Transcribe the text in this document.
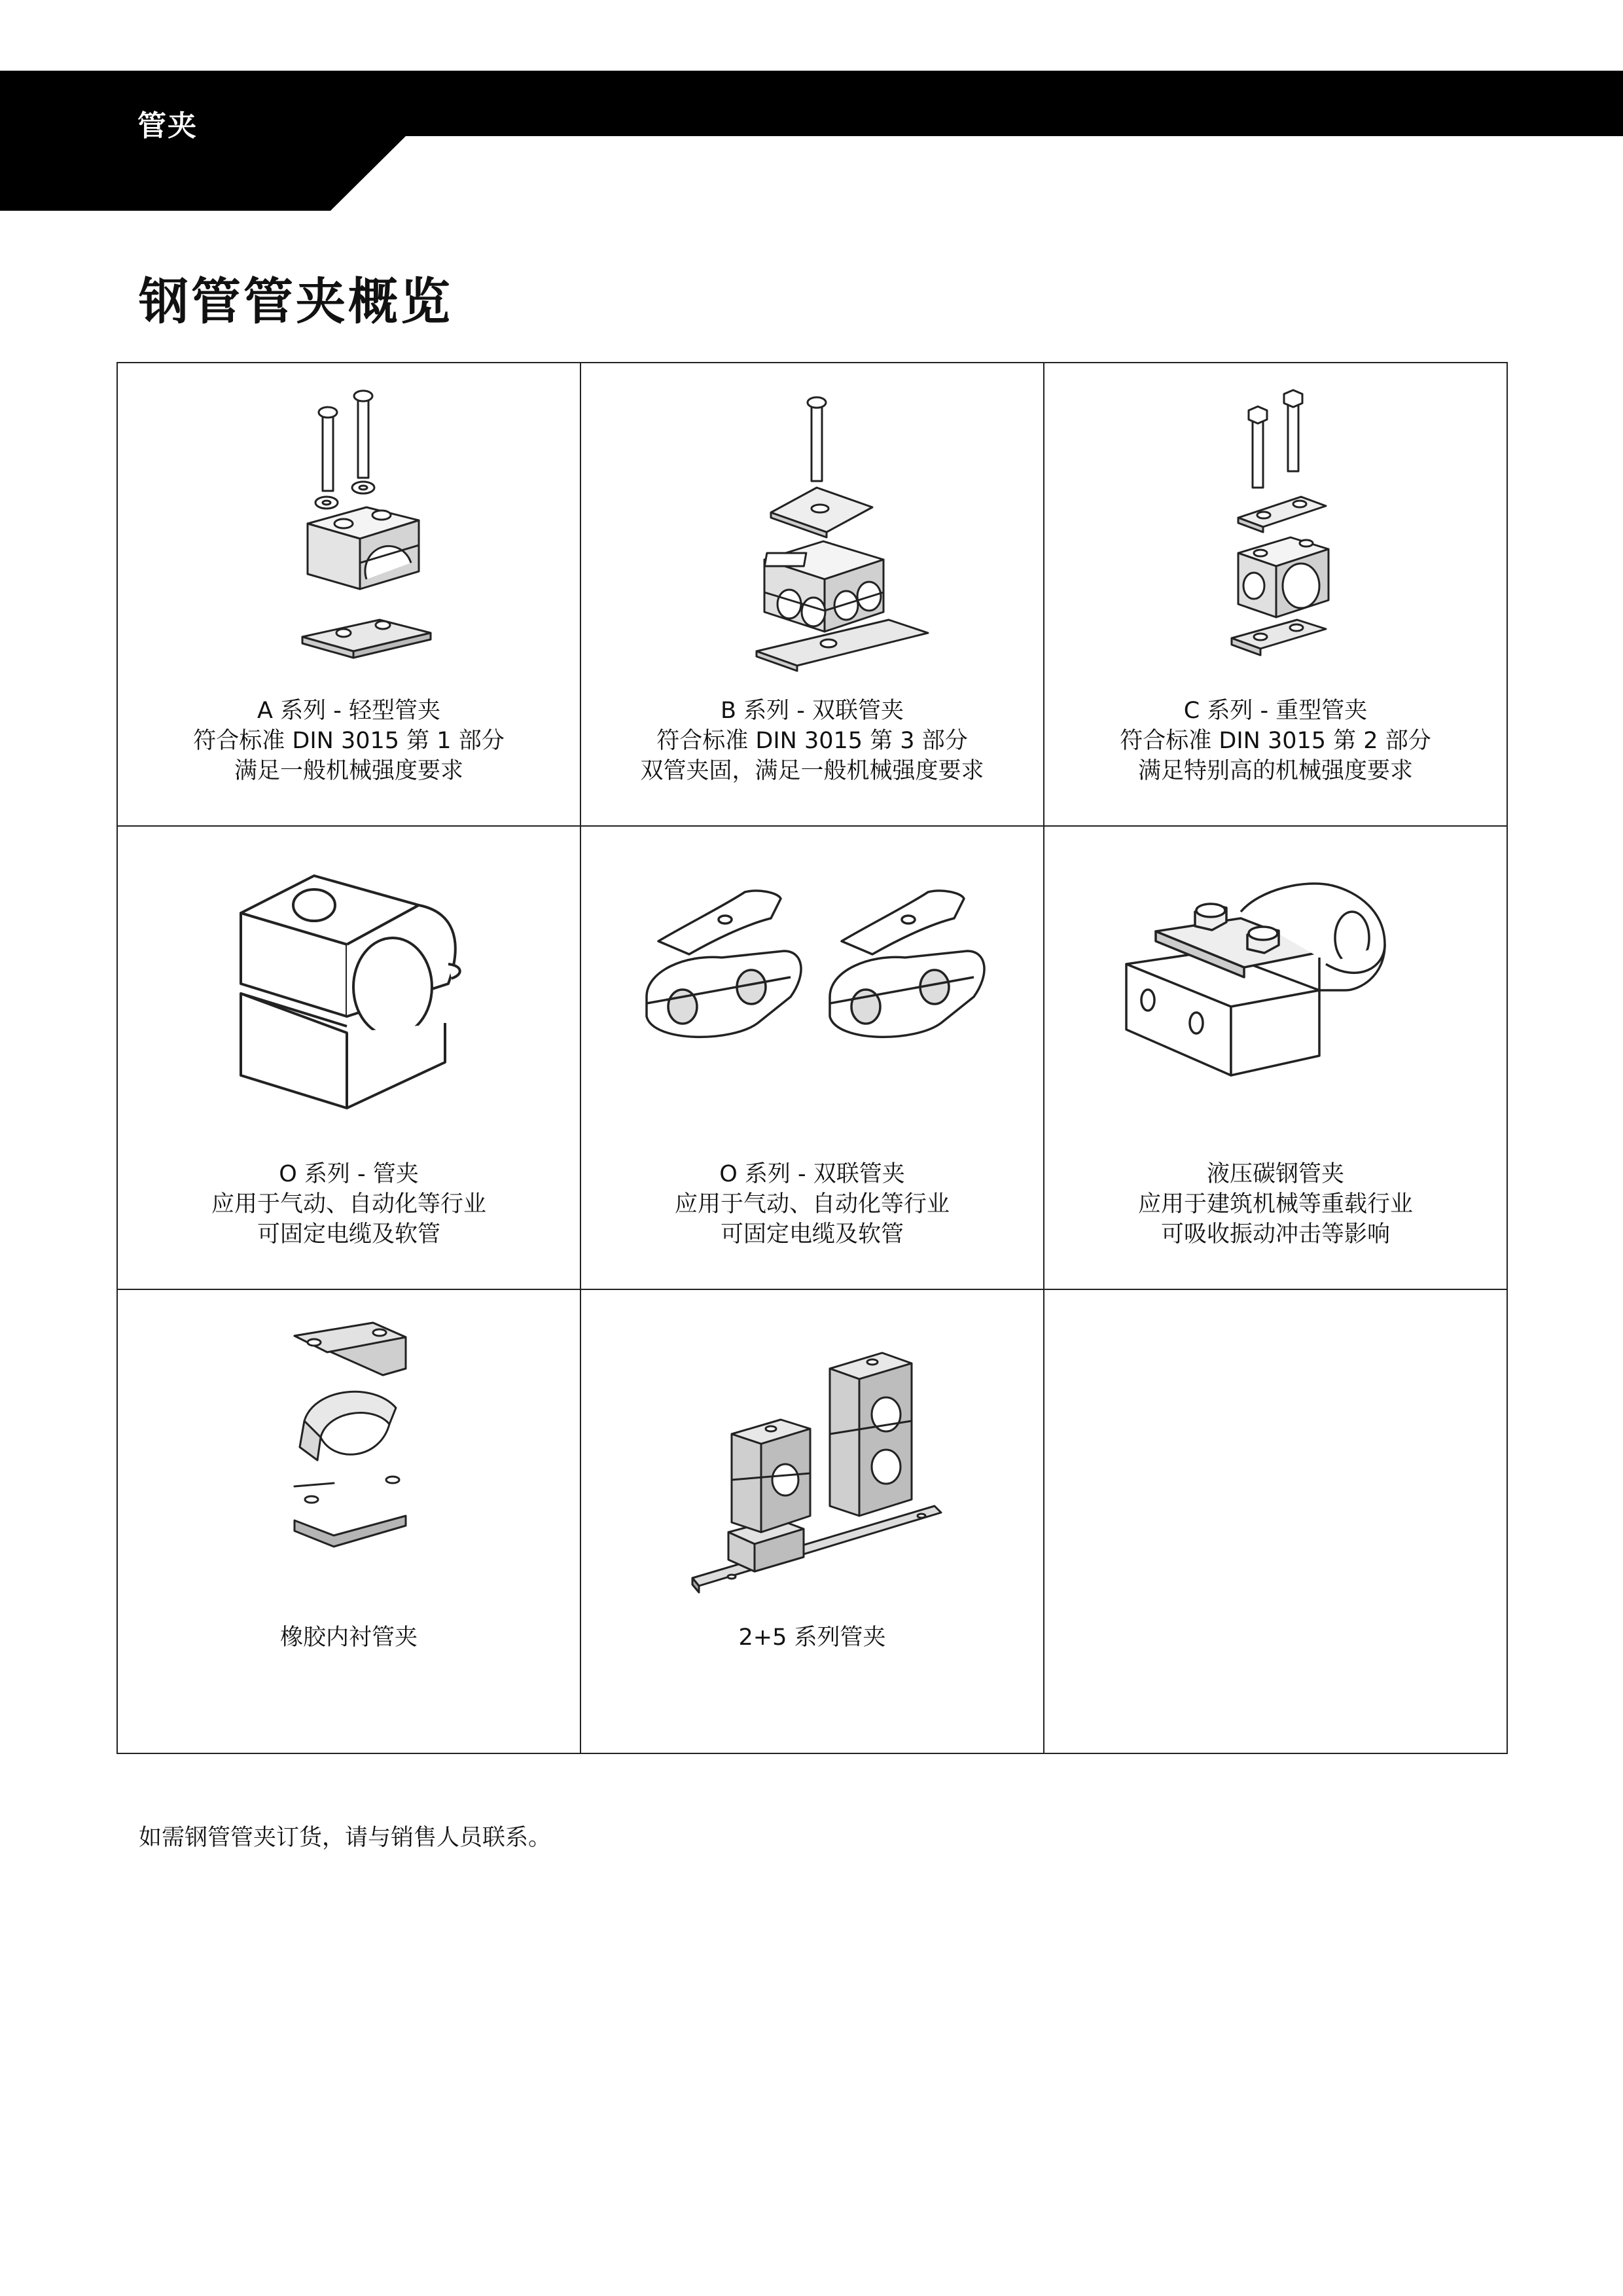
管夹
钢管管夹概览
A 系列 - 轻型管夹
符合标准 DIN 3015 第 1 部分
满足一般机械强度要求
B 系列 - 双联管夹
符合标准 DIN 3015 第 3 部分
双管夹固，满足一般机械强度要求
C 系列 - 重型管夹
符合标准 DIN 3015 第 2 部分
满足特别高的机械强度要求
O 系列 - 管夹
应用于气动、自动化等行业
可固定电缆及软管
O 系列 - 双联管夹
应用于气动、自动化等行业
可固定电缆及软管
液压碳钢管夹
应用于建筑机械等重载行业
可吸收振动冲击等影响
橡胶内衬管夹	2+5 系列管夹
如需钢管管夹订货，请与销售人员联系。
